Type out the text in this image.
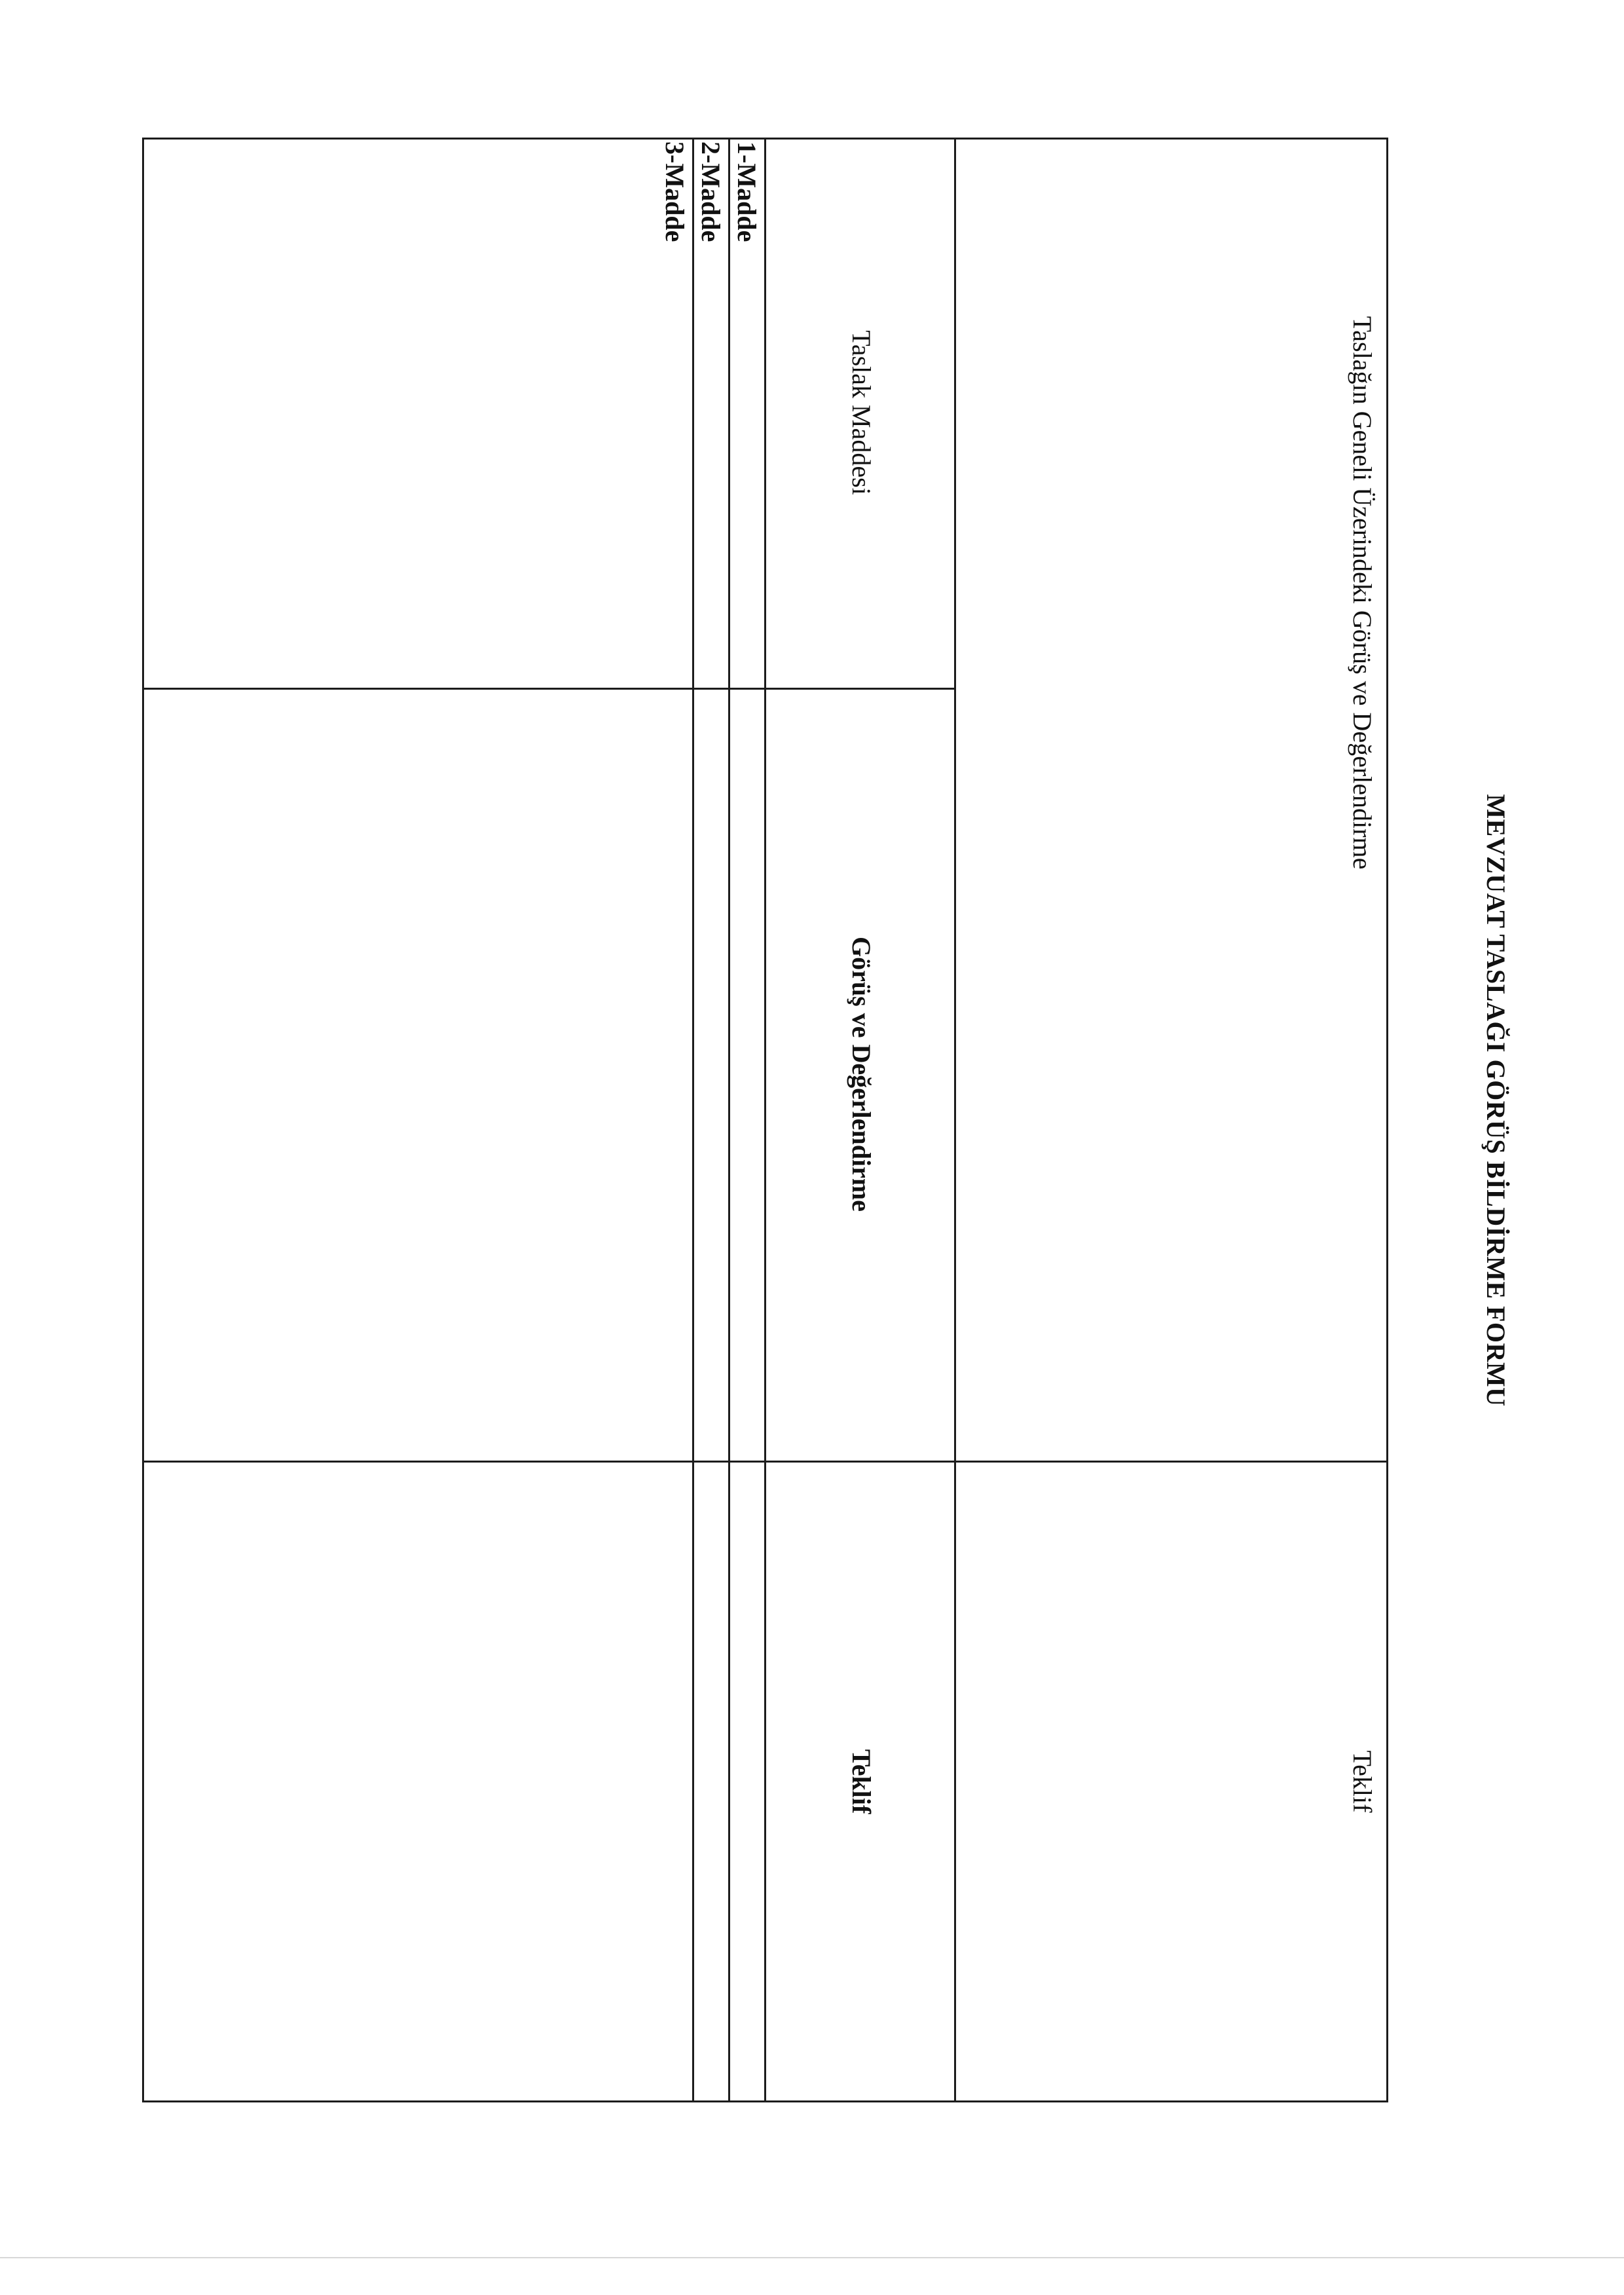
MEVZUAT TASLAĞI GÖRÜŞ BİLDİRME FORMU
Taslağın Geneli Üzerindeki Görüş ve Değerlendirme
Teklif
Taslak Maddesi
Görüş ve Değerlendirme
Teklif
1-Madde
2-Madde
3-Madde
